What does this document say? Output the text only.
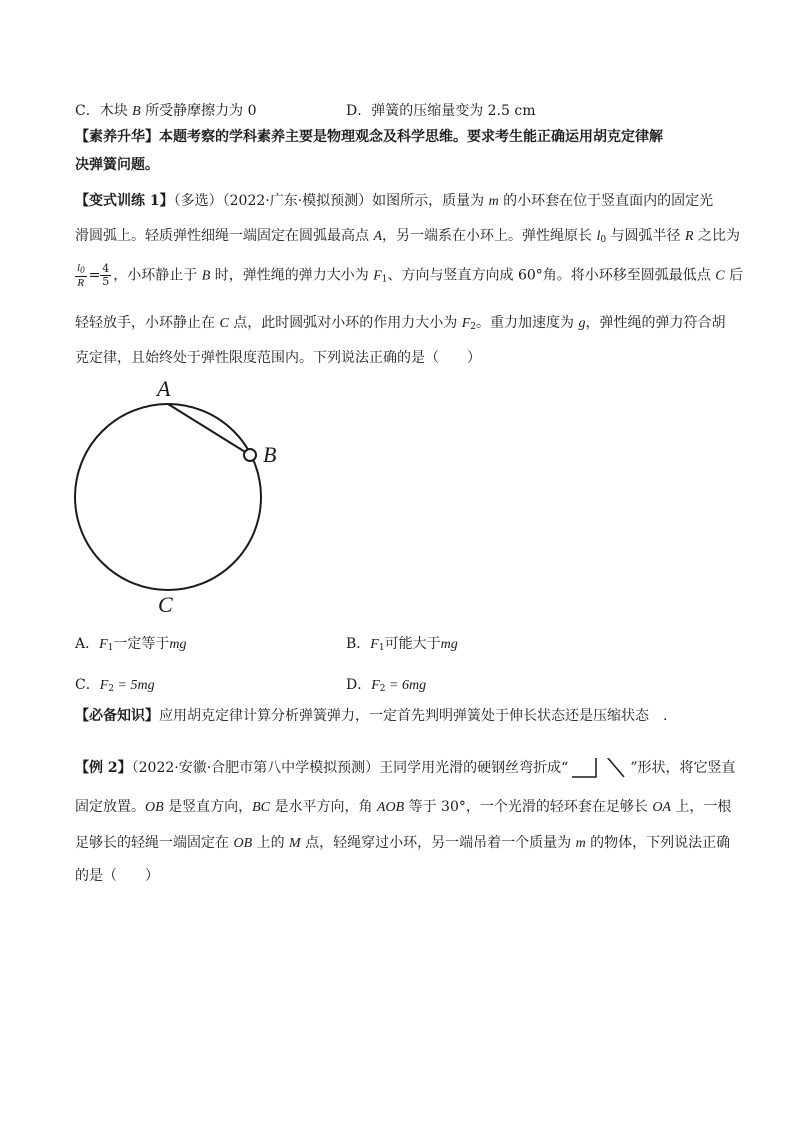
C．木块 B 所受静摩擦力为 0	D．弹簧的压缩量变为 2.5 cm
【素养升华】本题考察的学科素养主要是物理观念及科学思维。要求考生能正确运用胡克定律解
决弹簧问题。
【变式训练 1】（多选）（2022·广东·模拟预测）如图所示，质量为 m 的小环套在位于竖直面内的固定光
滑圆弧上。轻质弹性细绳一端固定在圆弧最高点 A，另一端系在小环上。弹性绳原长 $l_0$ 与圆弧半径 R 之比为
$\frac{l_0}{R} = \frac{4}{5}$ ，小环静止于 B 时，弹性绳的弹力大小为 $F_1$、方向与竖直方向成 60°角。将小环移至圆弧最低点 C 后
轻轻放手，小环静止在 C 点，此时圆弧对小环的作用力大小为 $F_2$。重力加速度为 g，弹性绳的弹力符合胡
克定律，且始终处于弹性限度范围内。下列说法正确的是（　　）
A
B
C
A．$F_1$一定等于mg	B．$F_1$可能大于mg
C．$F_2 = 5mg$	D．$F_2 = 6mg$
【必备知识】应用胡克定律计算分析弹簧弹力，一定首先判明弹簧处于伸长状态还是压缩状态　.
【例 2】（2022·安徽·合肥市第八中学模拟预测）王同学用光滑的硬钢丝弯折成“	”形状，将它竖直
固定放置。OB 是竖直方向，BC 是水平方向，角 AOB 等于 30°，一个光滑的轻环套在足够长 OA 上，一根
足够长的轻绳一端固定在 OB 上的 M 点，轻绳穿过小环，另一端吊着一个质量为 m 的物体，下列说法正确
的是（　　）
